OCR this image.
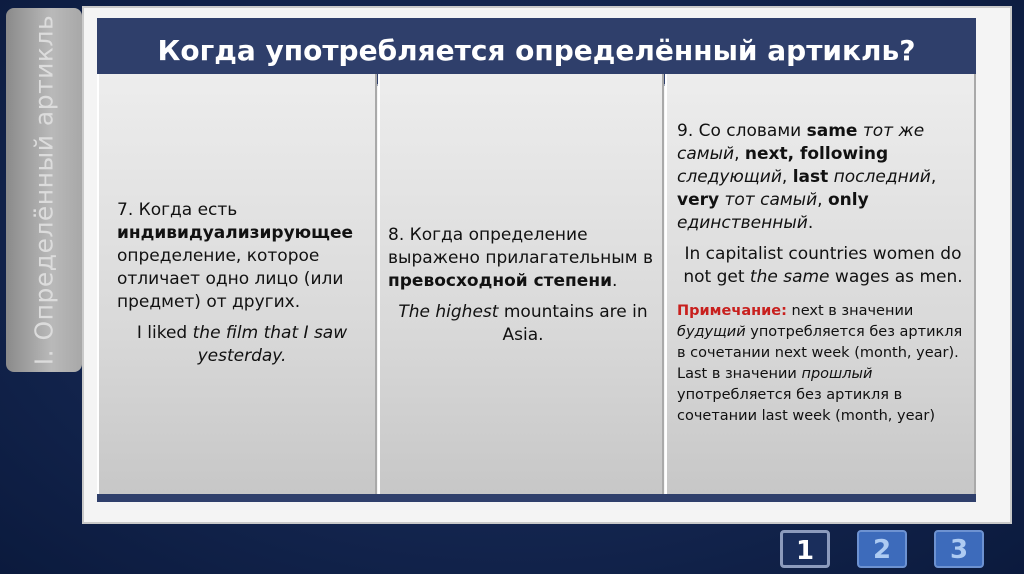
I. Определённый артикль	Когда употребляется определённый артикль?

7. Когда есть индивидуализирующее определение, которое отличает одно лицо (или предмет) от других.

I liked the film that I saw yesterday.

8. Когда определение выражено прилагательным в превосходной степени.

The highest mountains are in Asia.

9. Со словами same тот же самый, next, following следующий, last последний, very тот самый, only единственный.

In capitalist countries women do not get the same wages as men.

Примечание: next в значении будущий употребляется без артикля в сочетании next week (month, year). Last в значении прошлый употребляется без артикля в сочетании last week (month, year)

1	2	3
